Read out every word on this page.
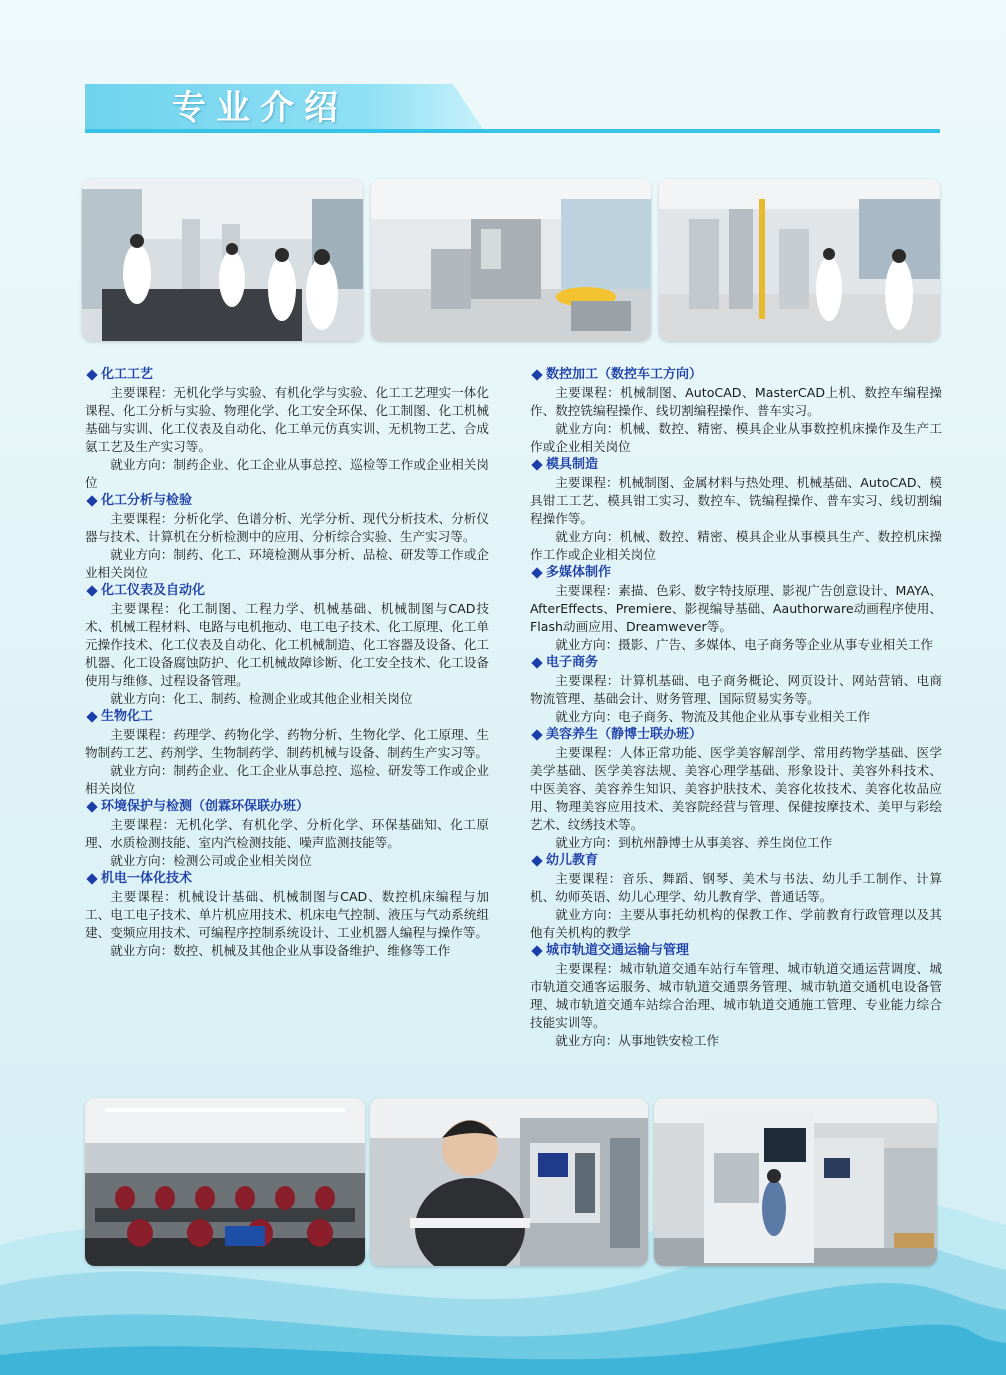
专业介绍
化工工艺
主要课程：无机化学与实验、有机化学与实验、化工工艺理实一体化课程、化工分析与实验、物理化学、化工安全环保、化工制图、化工机械基础与实训、化工仪表及自动化、化工单元仿真实训、无机物工艺、合成氨工艺及生产实习等。
就业方向：制药企业、化工企业从事总控、巡检等工作或企业相关岗位
化工分析与检验
主要课程：分析化学、色谱分析、光学分析、现代分析技术、分析仪器与技术、计算机在分析检测中的应用、分析综合实验、生产实习等。
就业方向：制药、化工、环境检测从事分析、品检、研发等工作或企业相关岗位
化工仪表及自动化
主要课程：化工制图、工程力学、机械基础、机械制图与CAD技术、机械工程材料、电路与电机拖动、电工电子技术、化工原理、化工单元操作技术、化工仪表及自动化、化工机械制造、化工容器及设备、化工机器、化工设备腐蚀防护、化工机械故障诊断、化工安全技术、化工设备使用与维修、过程设备管理。
就业方向：化工、制药、检测企业或其他企业相关岗位
生物化工
主要课程：药理学、药物化学、药物分析、生物化学、化工原理、生物制药工艺、药剂学、生物制药学、制药机械与设备、制药生产实习等。
就业方向：制药企业、化工企业从事总控、巡检、研发等工作或企业相关岗位
环境保护与检测（创霖环保联办班）
主要课程：无机化学、有机化学、分析化学、环保基础知、化工原理、水质检测技能、室内汽检测技能、噪声监测技能等。
就业方向：检测公司或企业相关岗位
机电一体化技术
主要课程：机械设计基础、机械制图与CAD、数控机床编程与加工、电工电子技术、单片机应用技术、机床电气控制、液压与气动系统组建、变频应用技术、可编程序控制系统设计、工业机器人编程与操作等。
就业方向：数控、机械及其他企业从事设备维护、维修等工作
数控加工（数控车工方向）
主要课程：机械制图、AutoCAD、MasterCAD上机、数控车编程操作、数控铣编程操作、线切割编程操作、普车实习。
就业方向：机械、数控、精密、模具企业从事数控机床操作及生产工作或企业相关岗位
模具制造
主要课程：机械制图、金属材料与热处理、机械基础、AutoCAD、模具钳工工艺、模具钳工实习、数控车、铣编程操作、普车实习、线切割编程操作等。
就业方向：机械、数控、精密、模具企业从事模具生产、数控机床操作工作或企业相关岗位
多媒体制作
主要课程：素描、色彩、数字特技原理、影视广告创意设计、MAYA、AfterEffects、Premiere、影视编导基础、Aauthorware动画程序使用、Flash动画应用、Dreamwever等。
就业方向：摄影、广告、多媒体、电子商务等企业从事专业相关工作
电子商务
主要课程：计算机基础、电子商务概论、网页设计、网站营销、电商物流管理、基础会计、财务管理、国际贸易实务等。
就业方向：电子商务、物流及其他企业从事专业相关工作
美容养生（静博士联办班）
主要课程：人体正常功能、医学美容解剖学、常用药物学基础、医学美学基础、医学美容法规、美容心理学基础、形象设计、美容外科技术、中医美容、美容养生知识、美容护肤技术、美容化妆技术、美容化妆品应用、物理美容应用技术、美容院经营与管理、保健按摩技术、美甲与彩绘艺术、纹绣技术等。
就业方向：到杭州静博士从事美容、养生岗位工作
幼儿教育
主要课程：音乐、舞蹈、钢琴、美术与书法、幼儿手工制作、计算机、幼师英语、幼儿心理学、幼儿教育学、普通话等。
就业方向：主要从事托幼机构的保教工作、学前教育行政管理以及其他有关机构的教学
城市轨道交通运输与管理
主要课程：城市轨道交通车站行车管理、城市轨道交通运营调度、城市轨道交通客运服务、城市轨道交通票务管理、城市轨道交通机电设备管理、城市轨道交通车站综合治理、城市轨道交通施工管理、专业能力综合技能实训等。
就业方向：从事地铁安检工作
